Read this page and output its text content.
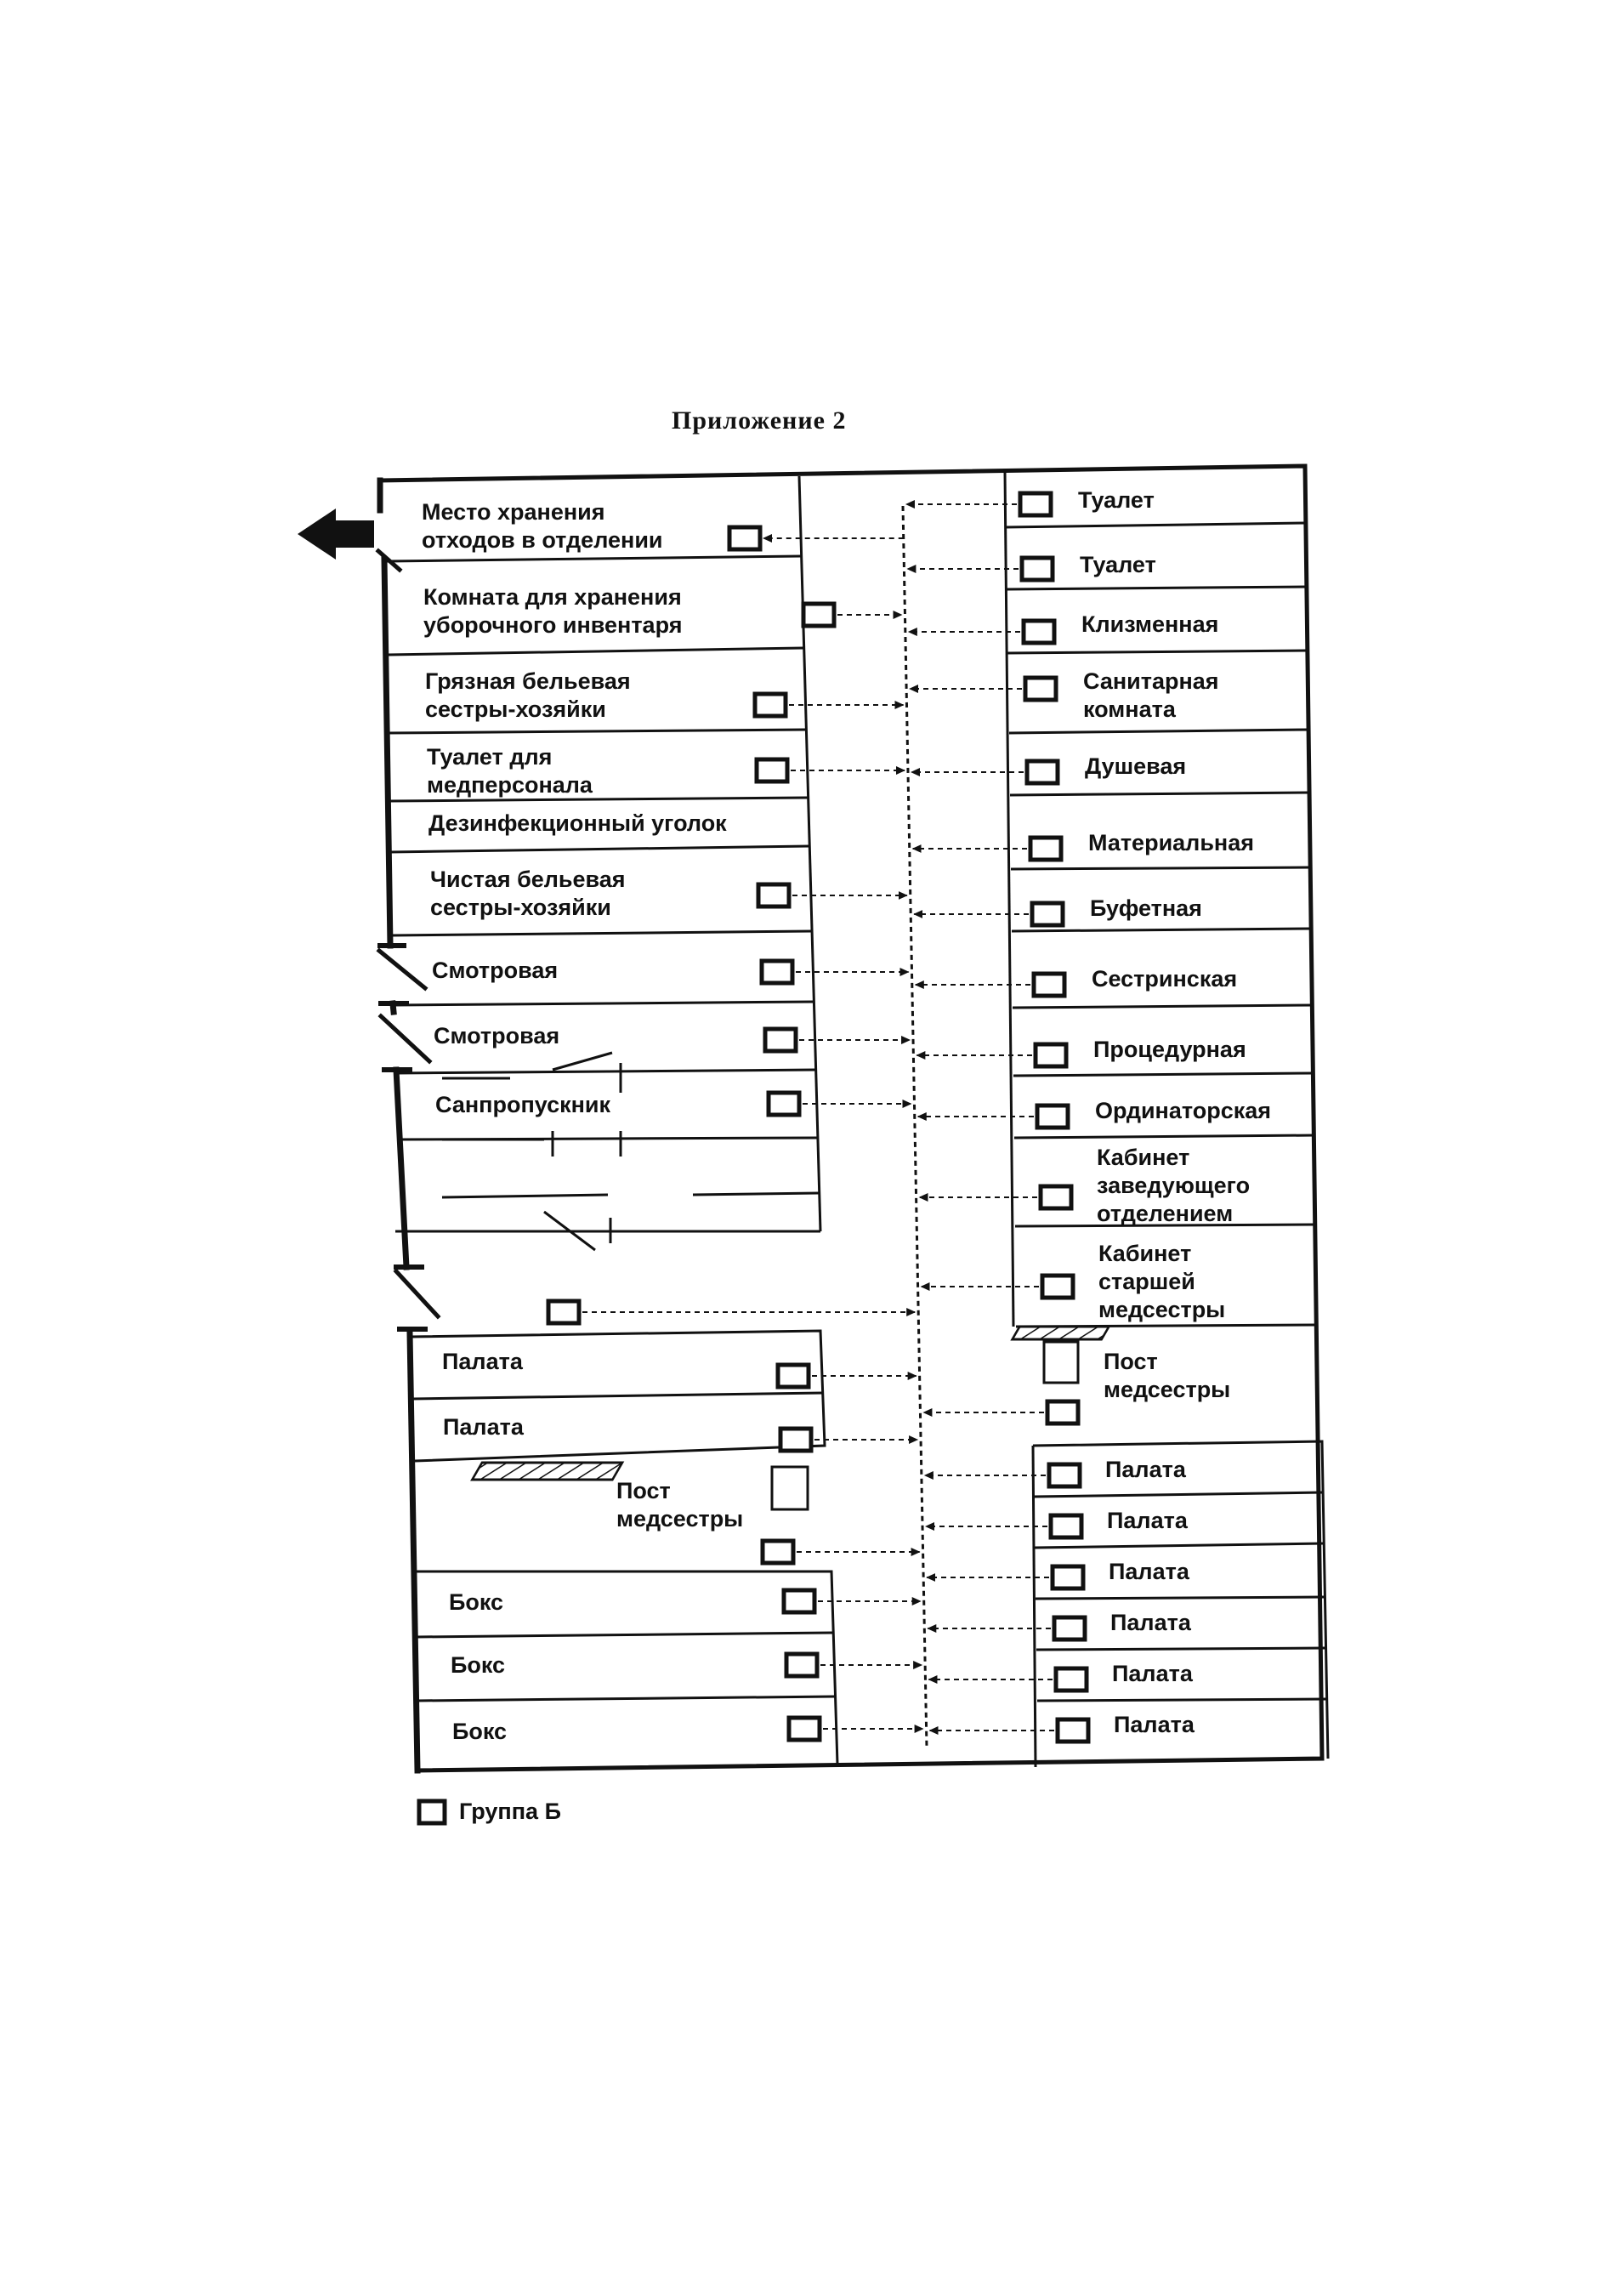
Приложение 2
Место хранения
отходов в отделении
Комната для хранения
уборочного инвентаря
Грязная бельевая
сестры-хозяйки
Туалет для
медперсонала
Дезинфекционный уголок
Чистая бельевая
сестры-хозяйки
Смотровая
Смотровая
Санпропускник
Палата
Палата
Пост
медсестры
Бокс
Бокс
Бокс
Туалет
Туалет
Клизменная
Санитарная
комната
Душевая
Материальная
Буфетная
Сестринская
Процедурная
Ординаторская
Кабинет
заведующего
отделением
Кабинет
старшей
медсестры
Пост
медсестры
Палата
Палата
Палата
Палата
Палата
Палата
Группа Б
